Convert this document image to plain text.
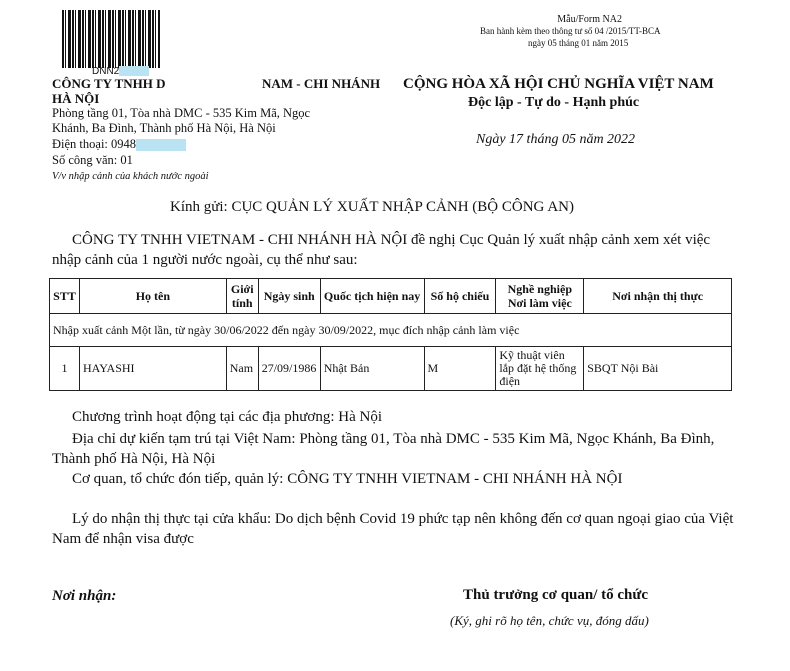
DNN2
Mẫu/Form NA2
Ban hành kèm theo thông tư số 04 /2015/TT-BCA
ngày 05 tháng 01 năm 2015
CÔNG TY TNHH D	NAM - CHI NHÁNH
HÀ NỘI
Phòng tầng 01, Tòa nhà DMC - 535 Kim Mã, Ngọc
Khánh, Ba Đình, Thành phố Hà Nội, Hà Nội
Điện thoại: 0948
Số công văn: 01
V/v nhập cảnh của khách nước ngoài
CỘNG HÒA XÃ HỘI CHỦ NGHĨA VIỆT NAM
Độc lập - Tự do - Hạnh phúc
Ngày 17 tháng 05 năm 2022
Kính gửi: CỤC QUẢN LÝ XUẤT NHẬP CẢNH (BỘ CÔNG AN)
CÔNG TY TNHH VIETNAM - CHI NHÁNH HÀ NỘI đề nghị Cục Quản lý xuất nhập cảnh xem xét việc nhập cảnh của 1 người nước ngoài, cụ thể như sau:
STT	Họ tên	Giới tính	Ngày sinh	Quốc tịch hiện nay	Số hộ chiếu	Nghề nghiệp Nơi làm việc	Nơi nhận thị thực
Nhập xuất cảnh Một lần, từ ngày 30/06/2022 đến ngày 30/09/2022, mục đích nhập cảnh làm việc							
1	HAYASHI	Nam	27/09/1986	Nhật Bản	M	Kỹ thuật viên lắp đặt hệ thống điện	SBQT Nội Bài
Chương trình hoạt động tại các địa phương: Hà Nội
Địa chỉ dự kiến tạm trú tại Việt Nam: Phòng tầng 01, Tòa nhà DMC - 535 Kim Mã, Ngọc Khánh, Ba Đình, Thành phố Hà Nội, Hà Nội
Cơ quan, tổ chức đón tiếp, quản lý: CÔNG TY TNHH VIETNAM - CHI NHÁNH HÀ NỘI
Lý do nhận thị thực tại cửa khẩu: Do dịch bệnh Covid 19 phức tạp nên không đến cơ quan ngoại giao của Việt Nam để nhận visa được
Nơi nhận:	Thủ trưởng cơ quan/ tổ chức
(Ký, ghi rõ họ tên, chức vụ, đóng dấu)
